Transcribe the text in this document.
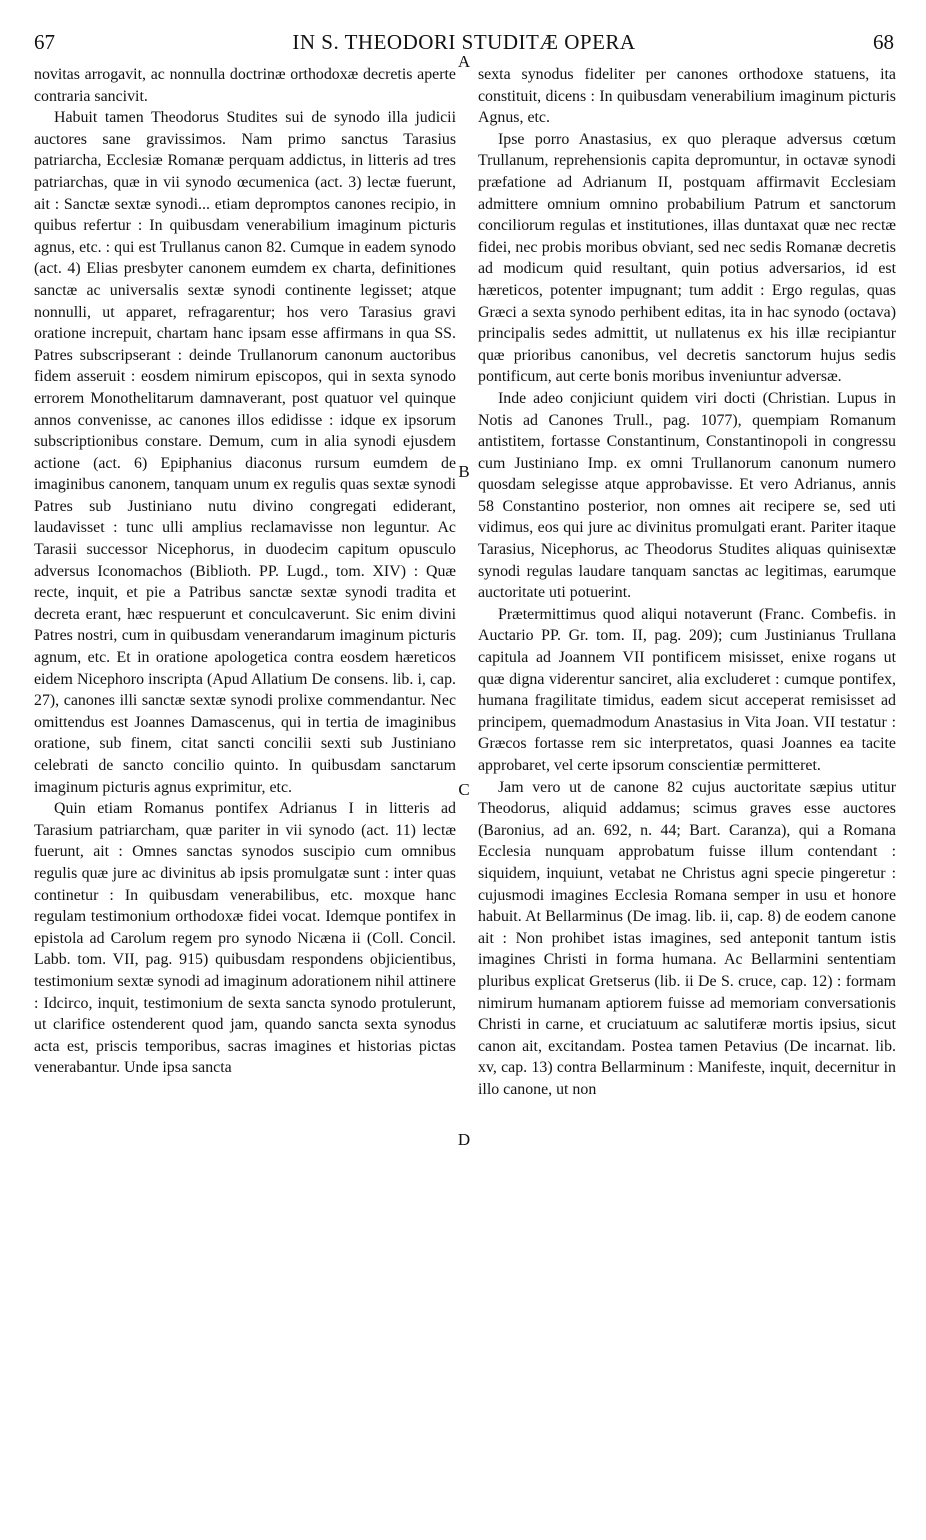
67	IN S. THEODORI STUDITÆ OPERA	68

novitas arrogavit, ac nonnulla doctrinæ orthodoxæ decretis aperte contraria sancivit.

Habuit tamen Theodorus Studites sui de synodo illa judicii auctores sane gravissimos. Nam primo sanctus Tarasius patriarcha, Ecclesiæ Romanæ perquam addictus, in litteris ad tres patriarchas, quæ in vii synodo œcumenica (act. 3) lectæ fuerunt, ait : Sanctæ sextæ synodi... etiam depromptos canones recipio, in quibus refertur : In quibusdam venerabilium imaginum picturis agnus, etc. : qui est Trullanus canon 82. Cumque in eadem synodo (act. 4) Elias presbyter canonem eumdem ex charta, definitiones sanctæ ac universalis sextæ synodi continente legisset; atque nonnulli, ut apparet, refragarentur; hos vero Tarasius gravi oratione increpuit, chartam hanc ipsam esse affirmans in qua SS. Patres subscripserant : deinde Trullanorum canonum auctoribus fidem asseruit : eosdem nimirum episcopos, qui in sexta synodo errorem Monothelitarum damnaverant, post quatuor vel quinque annos convenisse, ac canones illos edidisse : idque ex ipsorum subscriptionibus constare. Demum, cum in alia synodi ejusdem actione (act. 6) Epiphanius diaconus rursum eumdem de imaginibus canonem, tanquam unum ex regulis quas sextæ synodi Patres sub Justiniano nutu divino congregati ediderant, laudavisset : tunc ulli amplius reclamavisse non leguntur. Ac Tarasii successor Nicephorus, in duodecim capitum opusculo adversus Iconomachos (Biblioth. PP. Lugd., tom. XIV) : Quæ recte, inquit, et pie a Patribus sanctæ sextæ synodi tradita et decreta erant, hæc respuerunt et conculcaverunt. Sic enim divini Patres nostri, cum in quibusdam venerandarum imaginum picturis agnum, etc. Et in oratione apologetica contra eosdem hæreticos eidem Nicephoro inscripta (Apud Allatium De consens. lib. i, cap. 27), canones illi sanctæ sextæ synodi prolixe commendantur. Nec omittendus est Joannes Damascenus, qui in tertia de imaginibus oratione, sub finem, citat sancti concilii sexti sub Justiniano celebrati de sancto concilio quinto. In quibusdam sanctarum imaginum picturis agnus exprimitur, etc.

Quin etiam Romanus pontifex Adrianus I in litteris ad Tarasium patriarcham, quæ pariter in vii synodo (act. 11) lectæ fuerunt, ait : Omnes sanctas synodos suscipio cum omnibus regulis quæ jure ac divinitus ab ipsis promulgatæ sunt : inter quas continetur : In quibusdam venerabilibus, etc. moxque hanc regulam testimonium orthodoxæ fidei vocat. Idemque pontifex in epistola ad Carolum regem pro synodo Nicæna ii (Coll. Concil. Labb. tom. VII, pag. 915) quibusdam respondens objicientibus, testimonium sextæ synodi ad imaginum adorationem nihil attinere : Idcirco, inquit, testimonium de sexta sancta synodo protulerunt, ut clarifice ostenderent quod jam, quando sancta sexta synodus acta est, priscis temporibus, sacras imagines et historias pictas venerabantur. Unde ipsa sancta

A
B
C
D

sexta synodus fideliter per canones orthodoxe statuens, ita constituit, dicens : In quibusdam venerabilium imaginum picturis Agnus, etc.

Ipse porro Anastasius, ex quo pleraque adversus cœtum Trullanum, reprehensionis capita depromuntur, in octavæ synodi præfatione ad Adrianum II, postquam affirmavit Ecclesiam admittere omnium omnino probabilium Patrum et sanctorum conciliorum regulas et institutiones, illas duntaxat quæ nec rectæ fidei, nec probis moribus obviant, sed nec sedis Romanæ decretis ad modicum quid resultant, quin potius adversarios, id est hæreticos, potenter impugnant; tum addit : Ergo regulas, quas Græci a sexta synodo perhibent editas, ita in hac synodo (octava) principalis sedes admittit, ut nullatenus ex his illæ recipiantur quæ prioribus canonibus, vel decretis sanctorum hujus sedis pontificum, aut certe bonis moribus inveniuntur adversæ.

Inde adeo conjiciunt quidem viri docti (Christian. Lupus in Notis ad Canones Trull., pag. 1077), quempiam Romanum antistitem, fortasse Constantinum, Constantinopoli in congressu cum Justiniano Imp. ex omni Trullanorum canonum numero quosdam selegisse atque approbavisse. Et vero Adrianus, annis 58 Constantino posterior, non omnes ait recipere se, sed uti vidimus, eos qui jure ac divinitus promulgati erant. Pariter itaque Tarasius, Nicephorus, ac Theodorus Studites aliquas quinisextæ synodi regulas laudare tanquam sanctas ac legitimas, earumque auctoritate uti potuerint.

Prætermittimus quod aliqui notaverunt (Franc. Combefis. in Auctario PP. Gr. tom. II, pag. 209); cum Justinianus Trullana capitula ad Joannem VII pontificem misisset, enixe rogans ut quæ digna viderentur sanciret, alia excluderet : cumque pontifex, humana fragilitate timidus, eadem sicut acceperat remisisset ad principem, quemadmodum Anastasius in Vita Joan. VII testatur : Græcos fortasse rem sic interpretatos, quasi Joannes ea tacite approbaret, vel certe ipsorum conscientiæ permitteret.

Jam vero ut de canone 82 cujus auctoritate sæpius utitur Theodorus, aliquid addamus; scimus graves esse auctores (Baronius, ad an. 692, n. 44; Bart. Caranza), qui a Romana Ecclesia nunquam approbatum fuisse illum contendant : siquidem, inquiunt, vetabat ne Christus agni specie pingeretur : cujusmodi imagines Ecclesia Romana semper in usu et honore habuit. At Bellarminus (De imag. lib. ii, cap. 8) de eodem canone ait : Non prohibet istas imagines, sed anteponit tantum istis imagines Christi in forma humana. Ac Bellarmini sententiam pluribus explicat Gretserus (lib. ii De S. cruce, cap. 12) : formam nimirum humanam aptiorem fuisse ad memoriam conversationis Christi in carne, et cruciatuum ac salutiferæ mortis ipsius, sicut canon ait, excitandam. Postea tamen Petavius (De incarnat. lib. xv, cap. 13) contra Bellarminum : Manifeste, inquit, decernitur in illo canone, ut non
